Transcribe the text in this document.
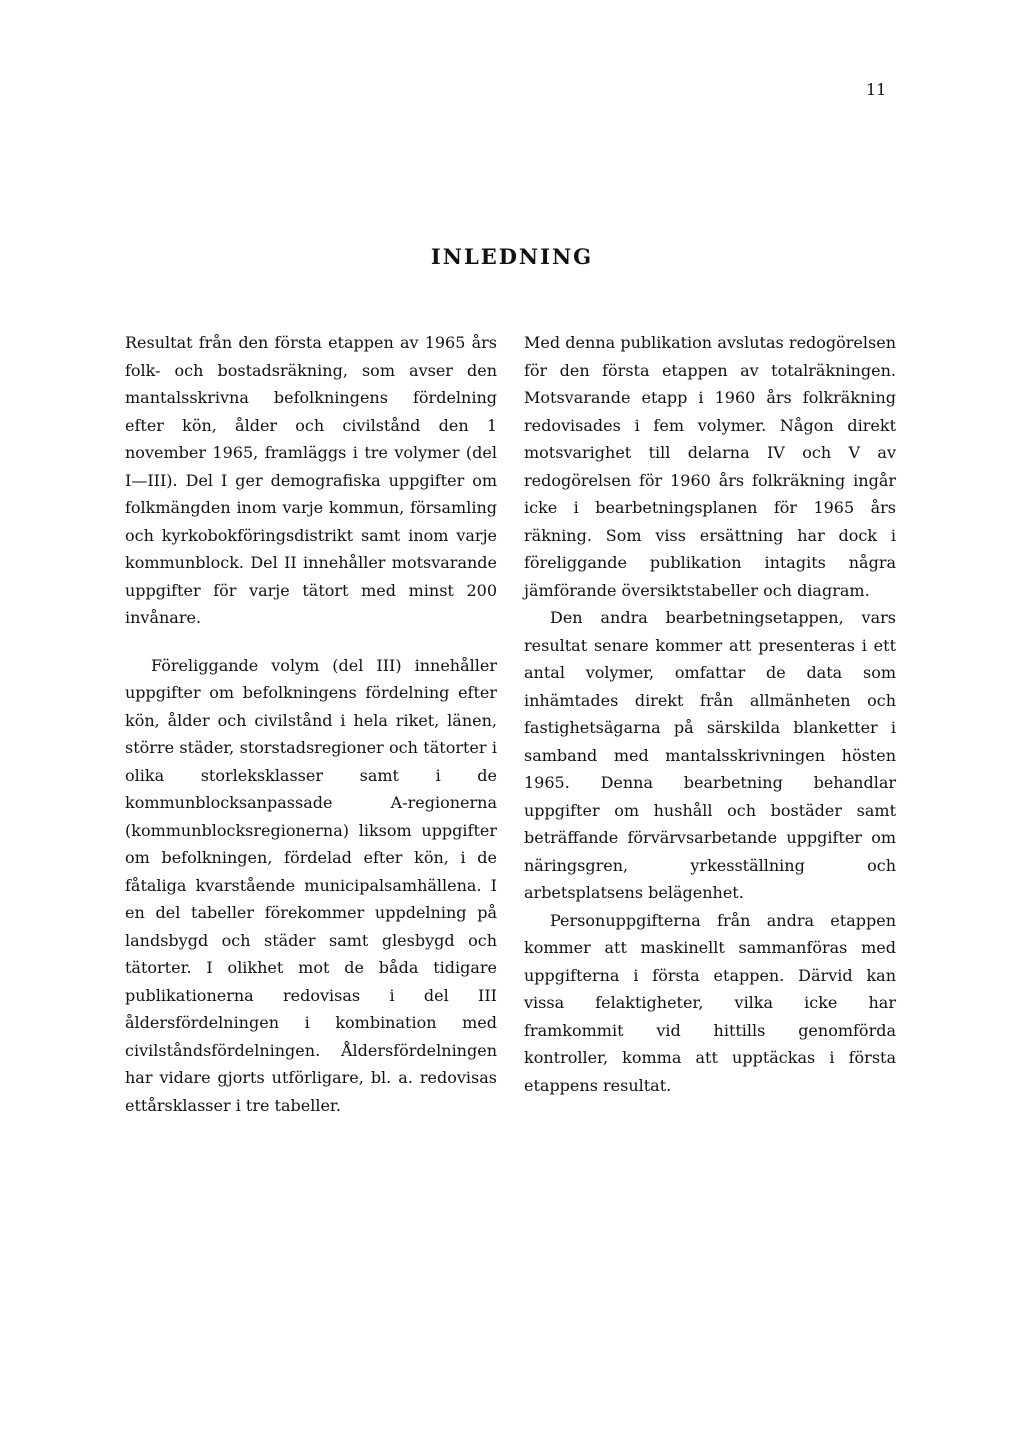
11
INLEDNING

Resultat från den första etappen av 1965 års folk- och bostadsräkning, som avser den mantalsskrivna befolkningens fördelning efter kön, ålder och civilstånd den 1 november 1965, framläggs i tre volymer (del I—III). Del I ger demografiska uppgifter om folkmängden inom varje kommun, församling och kyrkobokföringsdistrikt samt inom varje kommunblock. Del II innehåller motsvarande uppgifter för varje tätort med minst 200 invånare.

Föreliggande volym (del III) innehåller uppgifter om befolkningens fördelning efter kön, ålder och civilstånd i hela riket, länen, större städer, storstadsregioner och tätorter i olika storleksklasser samt i de kommunblocksanpassade A-regionerna (kommunblocksregionerna) liksom uppgifter om befolkningen, fördelad efter kön, i de fåtaliga kvarstående municipalsamhällena. I en del tabeller förekommer uppdelning på landsbygd och städer samt glesbygd och tätorter. I olikhet mot de båda tidigare publikationerna redovisas i del III åldersfördelningen i kombination med civilståndsfördelningen. Åldersfördelningen har vidare gjorts utförligare, bl. a. redovisas ettårsklasser i tre tabeller.

Med denna publikation avslutas redogörelsen för den första etappen av totalräkningen. Motsvarande etapp i 1960 års folkräkning redovisades i fem volymer. Någon direkt motsvarighet till delarna IV och V av redogörelsen för 1960 års folkräkning ingår icke i bearbetningsplanen för 1965 års räkning. Som viss ersättning har dock i föreliggande publikation intagits några jämförande översiktstabeller och diagram.

Den andra bearbetningsetappen, vars resultat senare kommer att presenteras i ett antal volymer, omfattar de data som inhämtades direkt från allmänheten och fastighetsägarna på särskilda blanketter i samband med mantalsskrivningen hösten 1965. Denna bearbetning behandlar uppgifter om hushåll och bostäder samt beträffande förvärvsarbetande uppgifter om näringsgren, yrkesställning och arbetsplatsens belägenhet.

Personuppgifterna från andra etappen kommer att maskinellt sammanföras med uppgifterna i första etappen. Därvid kan vissa felaktigheter, vilka icke har framkommit vid hittills genomförda kontroller, komma att upptäckas i första etappens resultat.
